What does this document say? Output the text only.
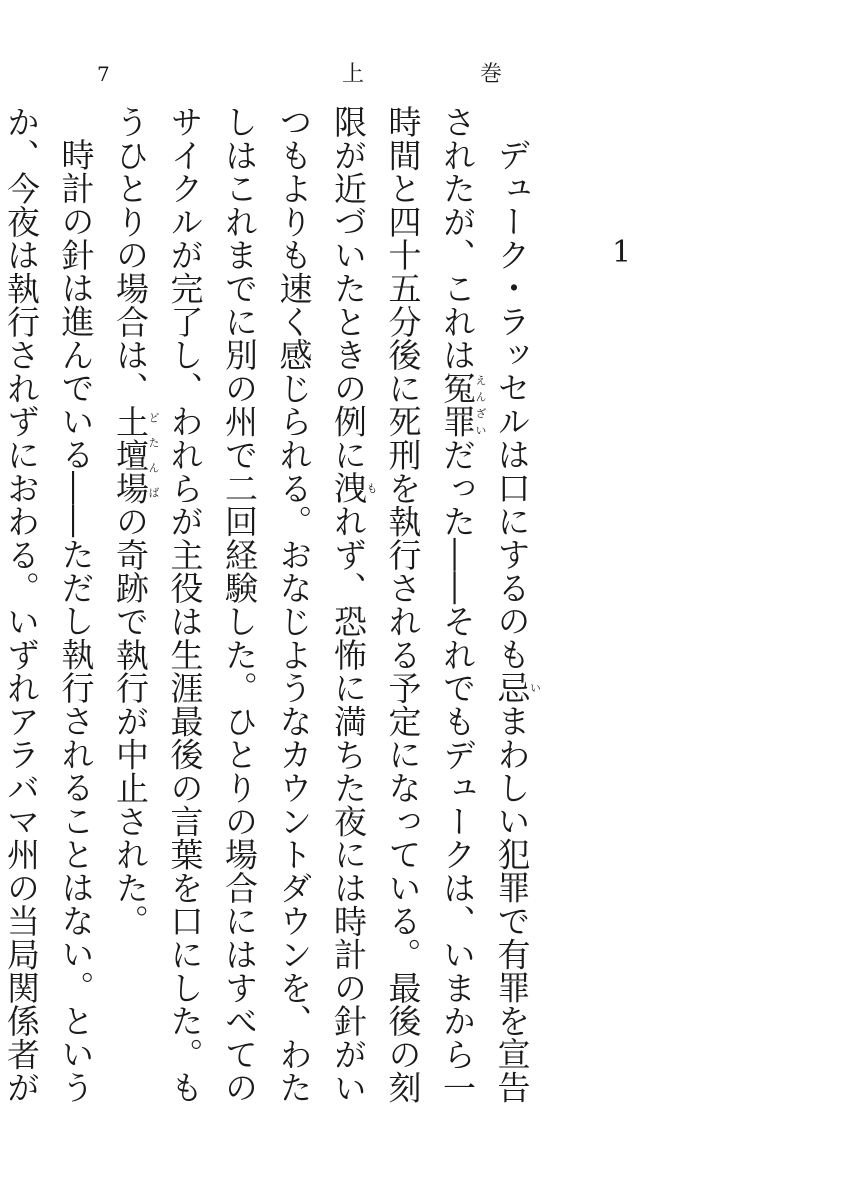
7	上	巻
1

デューク・ラッセルは口にするのも忌いまわしい犯罪で有罪を宣告されたが、これは冤罪えんざいだった――それでもデュークは、いまから一時間と四十五分後に死刑を執行される予定になっている。最後の刻限が近づいたときの例に洩もれず、恐怖に満ちた夜には時計の針がいつもよりも速く感じられる。おなじようなカウントダウンを、わたしはこれまでに別の州で二回経験した。ひとりの場合にはすべてのサイクルが完了し、われらが主役は生涯最後の言葉を口にした。もうひとりの場合は、土壇場どたんばの奇跡で執行が中止された。

時計の針は進んでいる――ただし執行されることはない。というか、今夜は執行されずにおわる。いずれアラバマ州の当局関係者が
